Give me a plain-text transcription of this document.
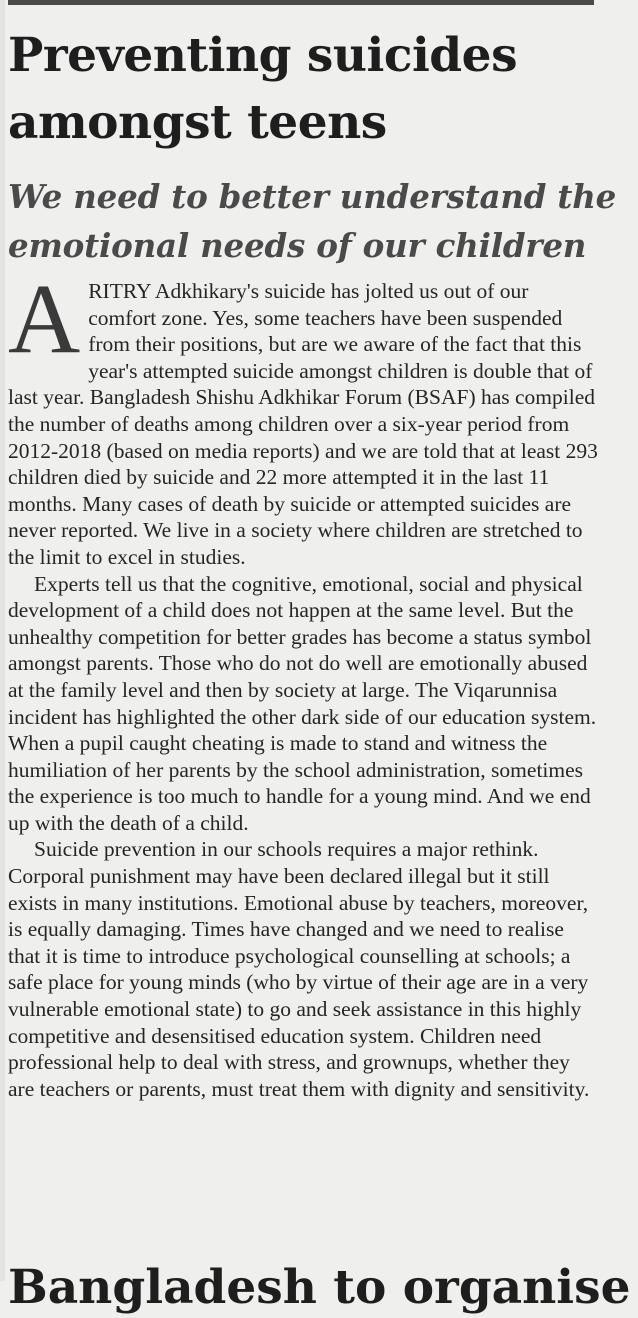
Preventing suicides amongst teens
We need to better understand the emotional needs of our children

ARITRY Adkhikary's suicide has jolted us out of our comfort zone. Yes, some teachers have been suspended from their positions, but are we aware of the fact that this year's attempted suicide amongst children is double that of last year. Bangladesh Shishu Adkhikar Forum (BSAF) has compiled the number of deaths among children over a six-year period from 2012-2018 (based on media reports) and we are told that at least 293 children died by suicide and 22 more attempted it in the last 11 months. Many cases of death by suicide or attempted suicides are never reported. We live in a society where children are stretched to the limit to excel in studies.

Experts tell us that the cognitive, emotional, social and physical development of a child does not happen at the same level. But the unhealthy competition for better grades has become a status symbol amongst parents. Those who do not do well are emotionally abused at the family level and then by society at large. The Viqarunnisa incident has highlighted the other dark side of our education system. When a pupil caught cheating is made to stand and witness the humiliation of her parents by the school administration, sometimes the experience is too much to handle for a young mind. And we end up with the death of a child.

Suicide prevention in our schools requires a major rethink. Corporal punishment may have been declared illegal but it still exists in many institutions. Emotional abuse by teachers, moreover, is equally damaging. Times have changed and we need to realise that it is time to introduce psychological counselling at schools; a safe place for young minds (who by virtue of their age are in a very vulnerable emotional state) to go and seek assistance in this highly competitive and desensitised education system. Children need professional help to deal with stress, and grownups, whether they are teachers or parents, must treat them with dignity and sensitivity.

Bangladesh to organise
